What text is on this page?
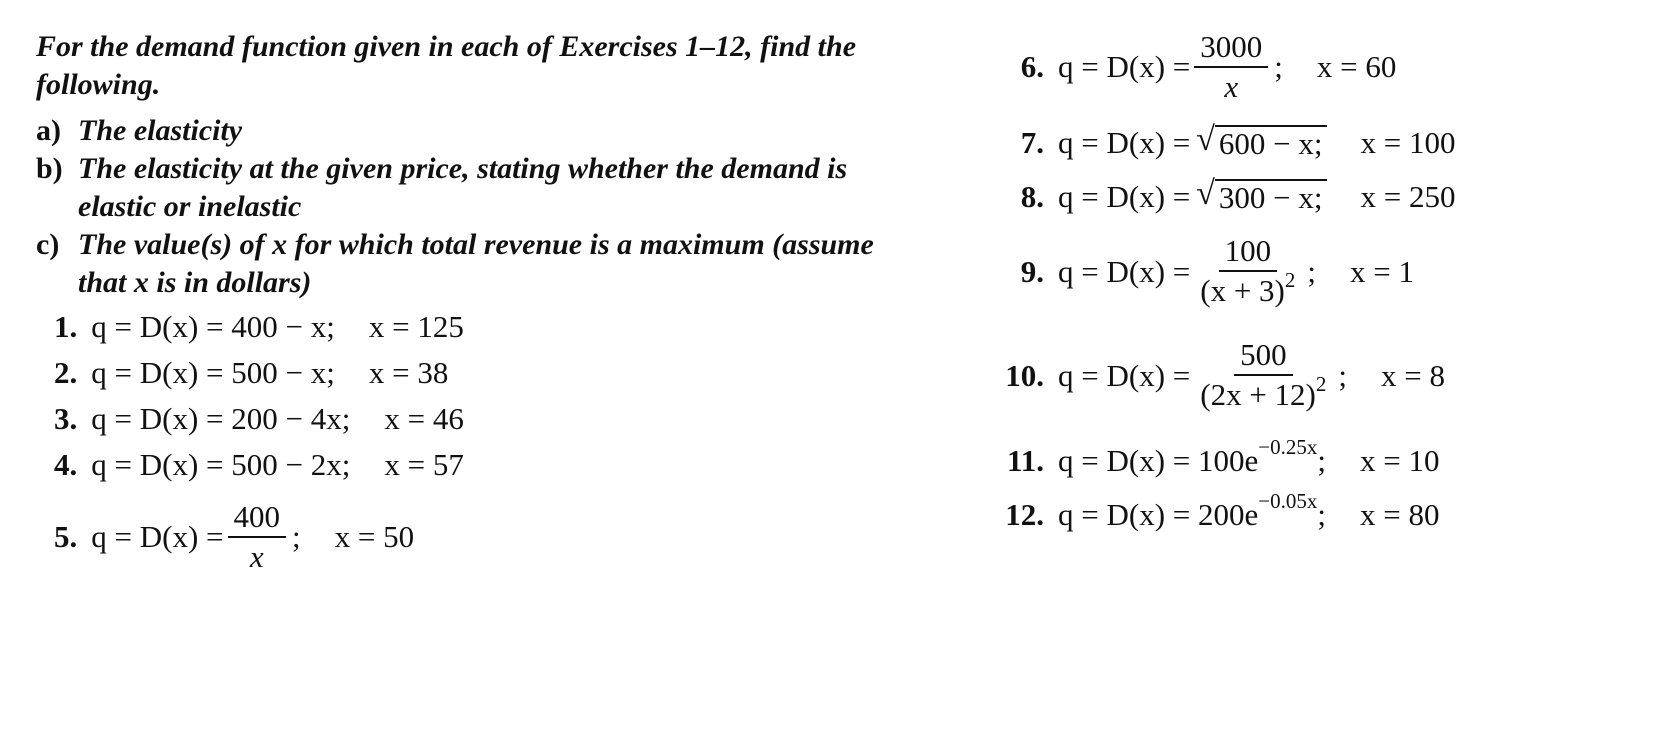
For the demand function given in each of Exercises 1–12, find the following.
a) The elasticity
b) The elasticity at the given price, stating whether the demand is elastic or inelastic
c) The value(s) of x for which total revenue is a maximum (assume that x is in dollars)
1. q = D(x) =
400 − x; x = 125
2. q = D(x) =
500 − x; x = 38
3. q = D(x) =
200 − 4x; x = 46
4. q = D(x) =
500 − 2x; x = 57
5. $q = D(x) = \frac{400}{x}$ ; x = 50
6. $q = D(x) = \frac{3000}{x}$ ; x = 60
7. q = D(x) = √ 600 − x; x = 100
8. q = D(x) = √ 300 − x; x = 250
9. $q = D(x) = \frac{100}{(x + 3)^2}$ ; x = 1
10. $q = D(x) = \frac{500}{(2x + 12)^2}$ ; x = 8
11. q = D(x) =
100e −0.25x ; x = 10
12. q = D(x) =
200e −0.05x ; x = 80
